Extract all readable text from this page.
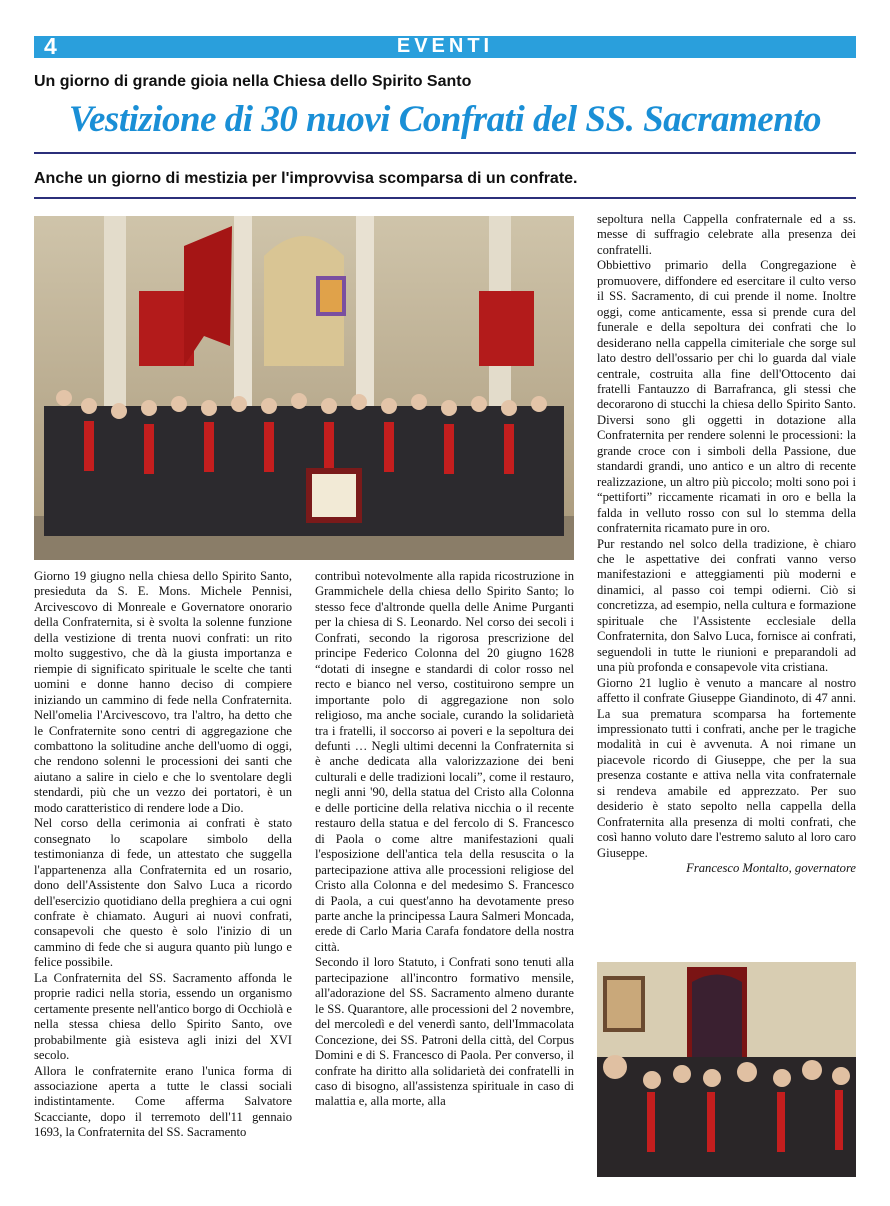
4	EVENTI
Un giorno di grande gioia nella Chiesa dello Spirito Santo
Vestizione di 30 nuovi Confrati del SS. Sacramento
Anche un giorno di mestizia per l'improvvisa scomparsa di un confrate.

Giorno 19 giugno nella chiesa dello Spirito Santo, presieduta da S. E. Mons. Michele Pennisi, Arcivescovo di Monreale e Governatore onorario della Confraternita, si è svolta la solenne funzione della vestizione di trenta nuovi confrati: un rito molto suggestivo, che dà la giusta importanza e riempie di significato spirituale le scelte che tanti uomini e donne hanno deciso di compiere iniziando un cammino di fede nella Confraternita. Nell'omelia l'Arcivescovo, tra l'altro, ha detto che le Confraternite sono centri di aggregazione che combattono la solitudine anche dell'uomo di oggi, che rendono solenni le processioni dei santi che aiutano a salire in cielo e che lo sventolare degli stendardi, più che un vezzo dei portatori, è un modo caratteristico di rendere lode a Dio.

Nel corso della cerimonia ai confrati è stato consegnato lo scapolare simbolo della testimonianza di fede, un attestato che suggella l'appartenenza alla Confraternita ed un rosario, dono dell'Assistente don Salvo Luca a ricordo dell'esercizio quotidiano della preghiera a cui ogni confrate è chiamato. Auguri ai nuovi confrati, consapevoli che questo è solo l'inizio di un cammino di fede che si augura quanto più lungo e felice possibile.

La Confraternita del SS. Sacramento affonda le proprie radici nella storia, essendo un organismo certamente presente nell'antico borgo di Occhiolà e nella stessa chiesa dello Spirito Santo, ove probabilmente già esisteva agli inizi del XVI secolo.

Allora le confraternite erano l'unica forma di associazione aperta a tutte le classi sociali indistintamente. Come afferma Salvatore Scacciante, dopo il terremoto dell'11 gennaio 1693, la Confraternita del SS. Sacramento

contribuì notevolmente alla rapida ricostruzione in Grammichele della chiesa dello Spirito Santo; lo stesso fece d'altronde quella delle Anime Purganti per la chiesa di S. Leonardo. Nel corso dei secoli i Confrati, secondo la rigorosa prescrizione del principe Federico Colonna del 20 giugno 1628 “dotati di insegne e standardi di color rosso nel recto e bianco nel verso, costituirono sempre un importante polo di aggregazione non solo religioso, ma anche sociale, curando la solidarietà tra i fratelli, il soccorso ai poveri e la sepoltura dei defunti … Negli ultimi decenni la Confraternita si è anche dedicata alla valorizzazione dei beni culturali e delle tradizioni locali”, come il restauro, negli anni '90, della statua del Cristo alla Colonna e delle porticine della relativa nicchia o il recente restauro della statua e del fercolo di S. Francesco di Paola o come altre manifestazioni quali l'esposizione dell'antica tela della resuscita o la partecipazione attiva alle processioni religiose del Cristo alla Colonna e del medesimo S. Francesco di Paola, a cui quest'anno ha devotamente preso parte anche la principessa Laura Salmeri Moncada, erede di Carlo Maria Carafa fondatore della nostra città.

Secondo il loro Statuto, i Confrati sono tenuti alla partecipazione all'incontro formativo mensile, all'adorazione del SS. Sacramento almeno durante le SS. Quarantore, alle processioni del 2 novembre, del mercoledì e del venerdì santo, dell'Immacolata Concezione, dei SS. Patroni della città, del Corpus Domini e di S. Francesco di Paola. Per converso, il confrate ha diritto alla solidarietà dei confratelli in caso di bisogno, all'assistenza spirituale in caso di malattia e, alla morte, alla

sepoltura nella Cappella confraternale ed a ss. messe di suffragio celebrate alla presenza dei confratelli.

Obbiettivo primario della Congregazione è promuovere, diffondere ed esercitare il culto verso il SS. Sacramento, di cui prende il nome. Inoltre oggi, come anticamente, essa si prende cura del funerale e della sepoltura dei confrati che lo desiderano nella cappella cimiteriale che sorge sul lato destro dell'ossario per chi lo guarda dal viale centrale, costruita alla fine dell'Ottocento dai fratelli Fantauzzo di Barrafranca, gli stessi che decorarono di stucchi la chiesa dello Spirito Santo. Diversi sono gli oggetti in dotazione alla Confraternita per rendere solenni le processioni: la grande croce con i simboli della Passione, due standardi grandi, uno antico e un altro di recente realizzazione, un altro più piccolo; molti sono poi i “pettiforti” riccamente ricamati in oro e bella la falda in velluto rosso con sul lo stemma della confraternita ricamato pure in oro.

Pur restando nel solco della tradizione, è chiaro che le aspettative dei confrati vanno verso manifestazioni e atteggiamenti più moderni e dinamici, al passo coi tempi odierni. Ciò si concretizza, ad esempio, nella cultura e formazione spirituale che l'Assistente ecclesiale della Confraternita, don Salvo Luca, fornisce ai confrati, seguendoli in tutte le riunioni e preparandoli ad una più profonda e consapevole vita cristiana.

Giorno 21 luglio è venuto a mancare al nostro affetto il confrate Giuseppe Giandinoto, di 47 anni. La sua prematura scomparsa ha fortemente impressionato tutti i confrati, anche per le tragiche modalità in cui è avvenuta. A noi rimane un piacevole ricordo di Giuseppe, che per la sua presenza costante e attiva nella vita confraternale si rendeva amabile ed apprezzato. Per suo desiderio è stato sepolto nella cappella della Confraternita alla presenza di molti confrati, che così hanno voluto dare l'estremo saluto al loro caro Giuseppe.

Francesco Montalto, governatore
